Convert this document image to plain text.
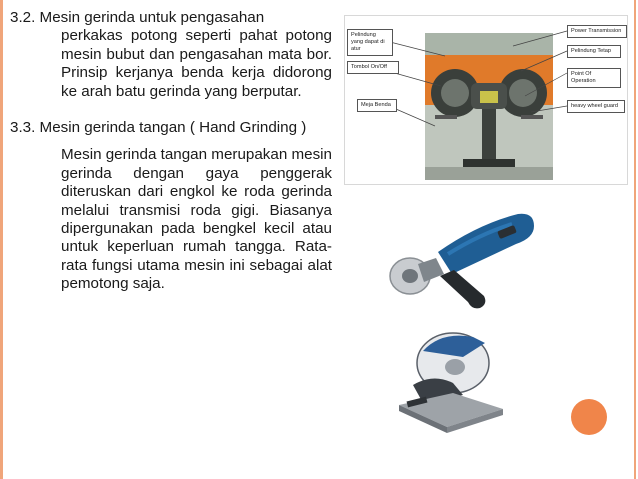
3.2. Mesin gerinda untuk pengasahan
perkakas potong seperti pahat potong mesin bubut dan pengasahan mata bor. Prinsip kerjanya benda kerja didorong ke arah batu gerinda yang berputar.

3.3. Mesin gerinda tangan ( Hand Grinding )
Mesin gerinda tangan merupakan mesin gerinda dengan gaya penggerak diteruskan dari engkol ke roda gerinda melalui transmisi roda gigi. Biasanya dipergunakan pada bengkel kecil atau untuk keperluan rumah tangga. Rata-rata fungsi utama mesin ini sebagai alat pemotong saja.

Pelindung yang dapat di atur
Tombol On/Off
Meja Benda
Power Transmission
Pelindung Tetap
Point Of Operation
heavy wheel guard
